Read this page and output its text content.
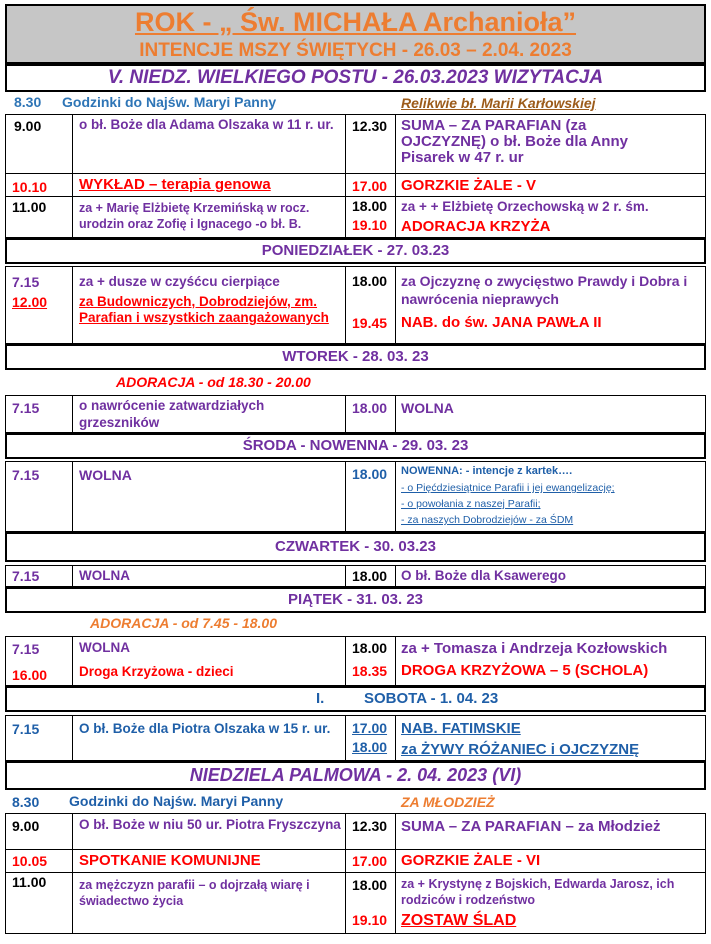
ROK - „ Św. MICHAŁA Archanioła”
INTENCJE MSZY ŚWIĘTYCH - 26.03 – 2.04. 2023
V. NIEDZ. WIELKIEGO POSTU - 26.03.2023 WIZYTACJA
8.30 Godzinki do Najśw. Maryi Panny	Relikwie bł. Marii Karłowskiej
9.00	o bł. Boże dla Adama Olszaka w 11 r. ur.	12.30 SUMA – ZA PARAFIAN (za OJCZYZNĘ) o bł. Boże dla Anny Pisarek w 47 r. ur
10.10 WYKŁAD – terapia genowa	17.00 GORZKIE ŻALE - V
11.00	za + Marię Elżbietę Krzemińską w rocz. urodzin oraz Zofię i Ignacego -o bł. B.
18.00 za + + Elżbietę Orzechowską w 2 r. śm.
19.10 ADORACJA KRZYŻA
PONIEDZIAŁEK - 27. 03.23
7.15	za + dusze w czyśćcu cierpiące
12.00 za Budowniczych, Dobrodziejów, zm. Parafian i wszystkich zaangażowanych
18.00 za Ojczyznę o zwycięstwo Prawdy i Dobra i nawrócenia nieprawych
19.45 NAB. do św. JANA PAWŁA II
WTOREK - 28. 03. 23
ADORACJA - od 18.30 - 20.00
7.15	o nawrócenie zatwardziałych grzeszników
18.00 WOLNA
ŚRODA - NOWENNA - 29. 03. 23
7.15	WOLNA	18.00 NOWENNA: - intencje z kartek….
- o Pięćdziesiątnice Parafii i jej ewangelizację;
- o powołania z naszej Parafii;
- za naszych Dobrodziejów - za ŚDM
CZWARTEK - 30. 03.23
7.15	WOLNA	18.00 O bł. Boże dla Ksawerego
PIĄTEK - 31. 03. 23
ADORACJA - od 7.45 - 18.00
7.15	WOLNA
16.00 Droga Krzyżowa - dzieci
18.00 za + Tomasza i Andrzeja Kozłowskich
18.35 DROGA KRZYŻOWA – 5 (SCHOLA)
I.	SOBOTA - 1. 04. 23
7.15	O bł. Boże dla Piotra Olszaka w 15 r. ur.	17.00 NAB. FATIMSKIE
18.00 za ŻYWY RÓŻANIEC i OJCZYZNĘ
NIEDZIELA PALMOWA - 2. 04. 2023 (VI)
8.30 Godzinki do Najśw. Maryi Panny	ZA MŁODZIEŻ
9.00	O bł. Boże w niu 50 ur. Piotra Fryszczyna 12.30 SUMA – ZA PARAFIAN – za Młodzież
10.05 SPOTKANIE KOMUNIJNE	17.00 GORZKIE ŻALE - VI
11.00	za mężczyzn parafii – o dojrzałą wiarę i świadectwo życia
18.00 za + Krystynę z Bojskich, Edwarda Jarosz, ich rodziców i rodzeństwo
19.10 ZOSTAW ŚLAD
